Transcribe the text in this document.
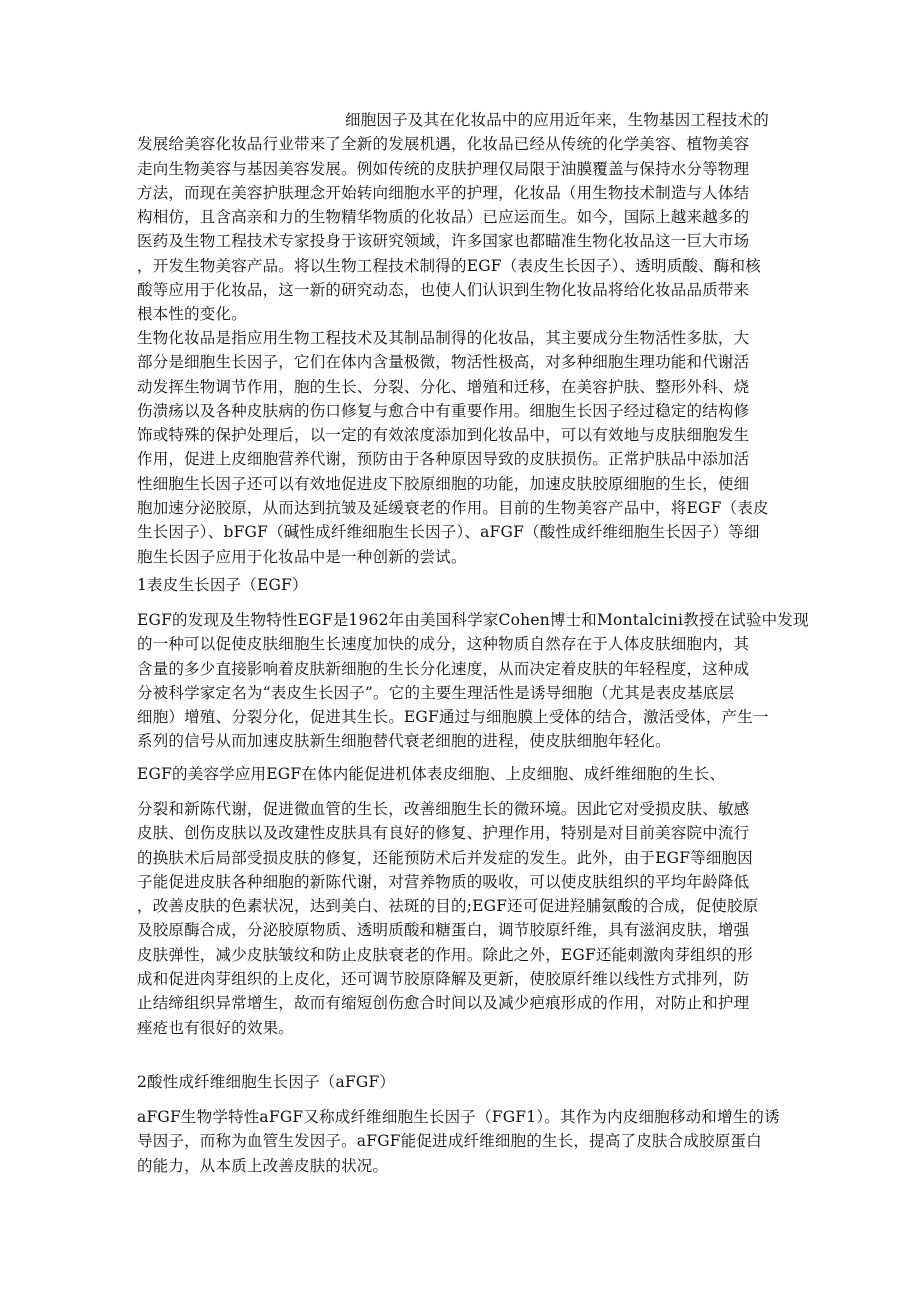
细胞因子及其在化妆品中的应用近年来，生物基因工程技术的
发展给美容化妆品行业带来了全新的发展机遇，化妆品已经从传统的化学美容、植物美容
走向生物美容与基因美容发展。例如传统的皮肤护理仅局限于油膜覆盖与保持水分等物理
方法，而现在美容护肤理念开始转向细胞水平的护理，化妆品（用生物技术制造与人体结
构相仿，且含高亲和力的生物精华物质的化妆品）已应运而生。如今，国际上越来越多的
医药及生物工程技术专家投身于该研究领域，许多国家也都瞄准生物化妆品这一巨大市场
，开发生物美容产品。将以生物工程技术制得的EGF（表皮生长因子）、透明质酸、酶和核
酸等应用于化妆品，这一新的研究动态，也使人们认识到生物化妆品将给化妆品品质带来
根本性的变化。
生物化妆品是指应用生物工程技术及其制品制得的化妆品，其主要成分生物活性多肽，大
部分是细胞生长因子，它们在体内含量极微，物活性极高，对多种细胞生理功能和代谢活
动发挥生物调节作用，胞的生长、分裂、分化、增殖和迁移，在美容护肤、整形外科、烧
伤溃疡以及各种皮肤病的伤口修复与愈合中有重要作用。细胞生长因子经过稳定的结构修
饰或特殊的保护处理后，以一定的有效浓度添加到化妆品中，可以有效地与皮肤细胞发生
作用，促进上皮细胞营养代谢，预防由于各种原因导致的皮肤损伤。正常护肤品中添加活
性细胞生长因子还可以有效地促进皮下胶原细胞的功能，加速皮肤胶原细胞的生长，使细
胞加速分泌胶原，从而达到抗皱及延缓衰老的作用。目前的生物美容产品中，将EGF（表皮
生长因子）、bFGF（碱性成纤维细胞生长因子）、aFGF（酸性成纤维细胞生长因子）等细
胞生长因子应用于化妆品中是一种创新的尝试。
1表皮生长因子（EGF）
EGF的发现及生物特性EGF是1962年由美国科学家Cohen博士和Montalcini教授在试验中发现
的一种可以促使皮肤细胞生长速度加快的成分，这种物质自然存在于人体皮肤细胞内，其
含量的多少直接影响着皮肤新细胞的生长分化速度，从而决定着皮肤的年轻程度，这种成
分被科学家定名为“表皮生长因子”。它的主要生理活性是诱导细胞（尤其是表皮基底层
细胞）增殖、分裂分化，促进其生长。EGF通过与细胞膜上受体的结合，激活受体，产生一
系列的信号从而加速皮肤新生细胞替代衰老细胞的进程，使皮肤细胞年轻化。
EGF的美容学应用EGF在体内能促进机体表皮细胞、上皮细胞、成纤维细胞的生长、
分裂和新陈代谢，促进微血管的生长，改善细胞生长的微环境。因此它对受损皮肤、敏感
皮肤、创伤皮肤以及改建性皮肤具有良好的修复、护理作用，特别是对目前美容院中流行
的换肤术后局部受损皮肤的修复，还能预防术后并发症的发生。此外，由于EGF等细胞因
子能促进皮肤各种细胞的新陈代谢，对营养物质的吸收，可以使皮肤组织的平均年龄降低
，改善皮肤的色素状况，达到美白、祛斑的目的;EGF还可促进羟脯氨酸的合成，促使胶原
及胶原酶合成，分泌胶原物质、透明质酸和糖蛋白，调节胶原纤维，具有滋润皮肤，增强
皮肤弹性，减少皮肤皱纹和防止皮肤衰老的作用。除此之外，EGF还能刺激肉芽组织的形
成和促进肉芽组织的上皮化，还可调节胶原降解及更新，使胶原纤维以线性方式排列，防
止结缔组织异常增生，故而有缩短创伤愈合时间以及减少疤痕形成的作用，对防止和护理
痤疮也有很好的效果。
2酸性成纤维细胞生长因子（aFGF）
aFGF生物学特性aFGF又称成纤维细胞生长因子（FGF1）。其作为内皮细胞移动和增生的诱
导因子，而称为血管生发因子。aFGF能促进成纤维细胞的生长，提高了皮肤合成胶原蛋白
的能力，从本质上改善皮肤的状况。
